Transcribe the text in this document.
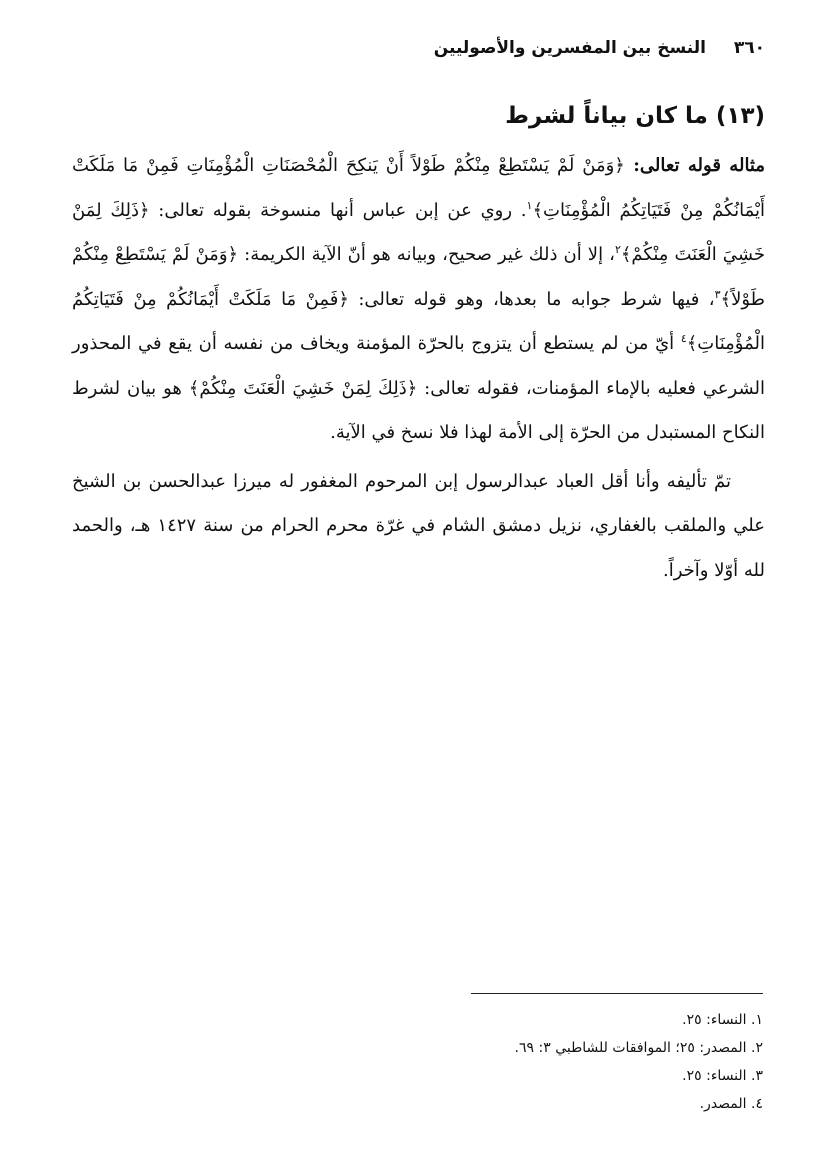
٣٦٠ النسخ بين المفسرين والأصوليين
(١٣) ما كان بياناً لشرط

مثاله قوله تعالى: ﴿وَمَنْ لَمْ يَسْتَطِعْ مِنْكُمْ طَوْلاً أَنْ يَنكِحَ الْمُحْصَنَاتِ الْمُؤْمِنَاتِ فَمِنْ مَا مَلَكَتْ أَيْمَانُكُمْ مِنْ فَتَيَاتِكُمُ الْمُؤْمِنَاتِ﴾$^١$. روي عن إبن عباس أنها منسوخة بقوله تعالى: ﴿ذَلِكَ لِمَنْ خَشِيَ الْعَنَتَ مِنْكُمْ﴾$^٢$، إلا أن ذلك غير صحيح، وبيانه هو أنّ الآية الكريمة: ﴿وَمَنْ لَمْ يَسْتَطِعْ مِنْكُمْ طَوْلاً﴾$^٣$، فيها شرط جوابه ما بعدها، وهو قوله تعالى: ﴿فَمِنْ مَا مَلَكَتْ أَيْمَانُكُمْ مِنْ فَتَيَاتِكُمُ الْمُؤْمِنَاتِ﴾$^٤$ أيّ من لم يستطع أن يتزوج بالحرّة المؤمنة ويخاف من نفسه أن يقع في المحذور الشرعي فعليه بالإماء المؤمنات، فقوله تعالى: ﴿ذَلِكَ لِمَنْ خَشِيَ الْعَنَتَ مِنْكُمْ﴾ هو بيان لشرط النكاح المستبدل من الحرّة إلى الأمة لهذا فلا نسخ في الآية.

تمّ تأليفه وأنا أقل العباد عبدالرسول إبن المرحوم المغفور له ميرزا عبدالحسن بن الشيخ علي والملقب بالغفاري، نزيل دمشق الشام في غرّة محرم الحرام من سنة ١٤٢٧ هـ، والحمد لله أوّلا وآخراً.

١. النساء: ٢٥.
٢. المصدر: ٢٥؛ الموافقات للشاطبي ٣: ٦٩.
٣. النساء: ٢٥.
٤. المصدر.
